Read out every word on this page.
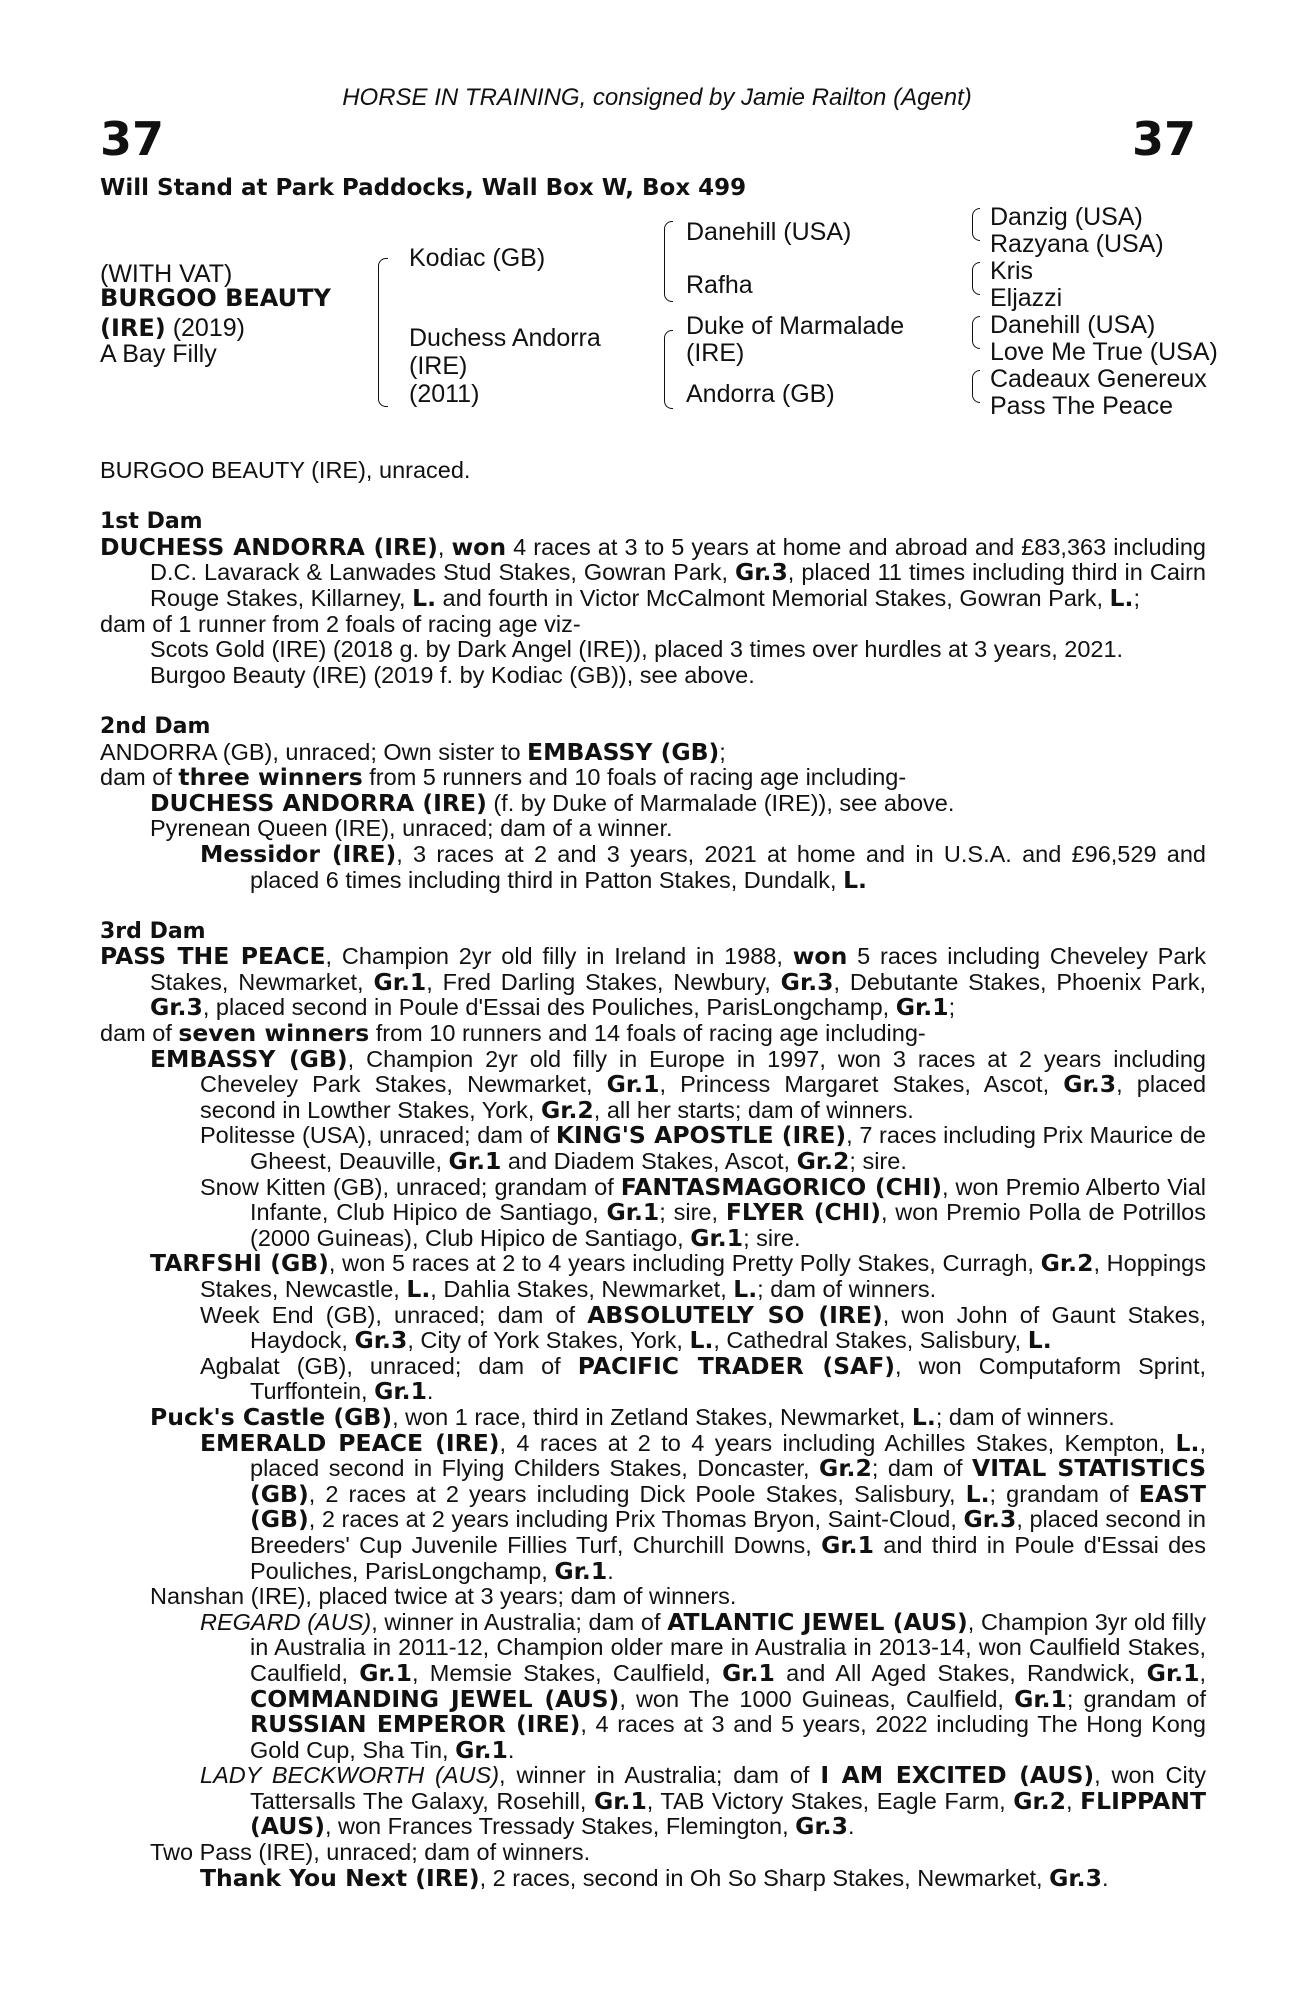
HORSE IN TRAINING, consigned by Jamie Railton (Agent)
37	37
Will Stand at Park Paddocks, Wall Box W, Box 499
(WITH VAT)
BURGOO BEAUTY
(IRE) (2019)
A Bay Filly
Kodiac (GB)
Duchess Andorra
(IRE)
(2011)
Danehill (USA)
Rafha
Duke of Marmalade
(IRE)
Andorra (GB)
Danzig (USA)
Razyana (USA)
Kris
Eljazzi
Danehill (USA)
Love Me True (USA)
Cadeaux Genereux
Pass The Peace

BURGOO BEAUTY (IRE), unraced.

1st Dam

DUCHESS ANDORRA (IRE), won 4 races at 3 to 5 years at home and abroad and £83,363 including D.C. Lavarack & Lanwades Stud Stakes, Gowran Park, Gr.3, placed 11 times including third in Cairn Rouge Stakes, Killarney, L. and fourth in Victor McCalmont Memorial Stakes, Gowran Park, L.;

dam of 1 runner from 2 foals of racing age viz-

Scots Gold (IRE) (2018 g. by Dark Angel (IRE)), placed 3 times over hurdles at 3 years, 2021.

Burgoo Beauty (IRE) (2019 f. by Kodiac (GB)), see above.

2nd Dam

ANDORRA (GB), unraced; Own sister to EMBASSY (GB);

dam of three winners from 5 runners and 10 foals of racing age including-

DUCHESS ANDORRA (IRE) (f. by Duke of Marmalade (IRE)), see above.

Pyrenean Queen (IRE), unraced; dam of a winner.

Messidor (IRE), 3 races at 2 and 3 years, 2021 at home and in U.S.A. and £96,529 and placed 6 times including third in Patton Stakes, Dundalk, L.

3rd Dam

PASS THE PEACE, Champion 2yr old filly in Ireland in 1988, won 5 races including Cheveley Park Stakes, Newmarket, Gr.1, Fred Darling Stakes, Newbury, Gr.3, Debutante Stakes, Phoenix Park, Gr.3, placed second in Poule d'Essai des Pouliches, ParisLongchamp, Gr.1;

dam of seven winners from 10 runners and 14 foals of racing age including-

EMBASSY (GB), Champion 2yr old filly in Europe in 1997, won 3 races at 2 years including Cheveley Park Stakes, Newmarket, Gr.1, Princess Margaret Stakes, Ascot, Gr.3, placed second in Lowther Stakes, York, Gr.2, all her starts; dam of winners.

Politesse (USA), unraced; dam of KING'S APOSTLE (IRE), 7 races including Prix Maurice de Gheest, Deauville, Gr.1 and Diadem Stakes, Ascot, Gr.2; sire.

Snow Kitten (GB), unraced; grandam of FANTASMAGORICO (CHI), won Premio Alberto Vial Infante, Club Hipico de Santiago, Gr.1; sire, FLYER (CHI), won Premio Polla de Potrillos (2000 Guineas), Club Hipico de Santiago, Gr.1; sire.

TARFSHI (GB), won 5 races at 2 to 4 years including Pretty Polly Stakes, Curragh, Gr.2, Hoppings Stakes, Newcastle, L., Dahlia Stakes, Newmarket, L.; dam of winners.

Week End (GB), unraced; dam of ABSOLUTELY SO (IRE), won John of Gaunt Stakes, Haydock, Gr.3, City of York Stakes, York, L., Cathedral Stakes, Salisbury, L.

Agbalat (GB), unraced; dam of PACIFIC TRADER (SAF), won Computaform Sprint, Turffontein, Gr.1.

Puck's Castle (GB), won 1 race, third in Zetland Stakes, Newmarket, L.; dam of winners.

EMERALD PEACE (IRE), 4 races at 2 to 4 years including Achilles Stakes, Kempton, L., placed second in Flying Childers Stakes, Doncaster, Gr.2; dam of VITAL STATISTICS (GB), 2 races at 2 years including Dick Poole Stakes, Salisbury, L.; grandam of EAST (GB), 2 races at 2 years including Prix Thomas Bryon, Saint-Cloud, Gr.3, placed second in Breeders' Cup Juvenile Fillies Turf, Churchill Downs, Gr.1 and third in Poule d'Essai des Pouliches, ParisLongchamp, Gr.1.

Nanshan (IRE), placed twice at 3 years; dam of winners.

REGARD (AUS), winner in Australia; dam of ATLANTIC JEWEL (AUS), Champion 3yr old filly in Australia in 2011-12, Champion older mare in Australia in 2013-14, won Caulfield Stakes, Caulfield, Gr.1, Memsie Stakes, Caulfield, Gr.1 and All Aged Stakes, Randwick, Gr.1, COMMANDING JEWEL (AUS), won The 1000 Guineas, Caulfield, Gr.1; grandam of RUSSIAN EMPEROR (IRE), 4 races at 3 and 5 years, 2022 including The Hong Kong Gold Cup, Sha Tin, Gr.1.

LADY BECKWORTH (AUS), winner in Australia; dam of I AM EXCITED (AUS), won City Tattersalls The Galaxy, Rosehill, Gr.1, TAB Victory Stakes, Eagle Farm, Gr.2, FLIPPANT (AUS), won Frances Tressady Stakes, Flemington, Gr.3.

Two Pass (IRE), unraced; dam of winners.

Thank You Next (IRE), 2 races, second in Oh So Sharp Stakes, Newmarket, Gr.3.
